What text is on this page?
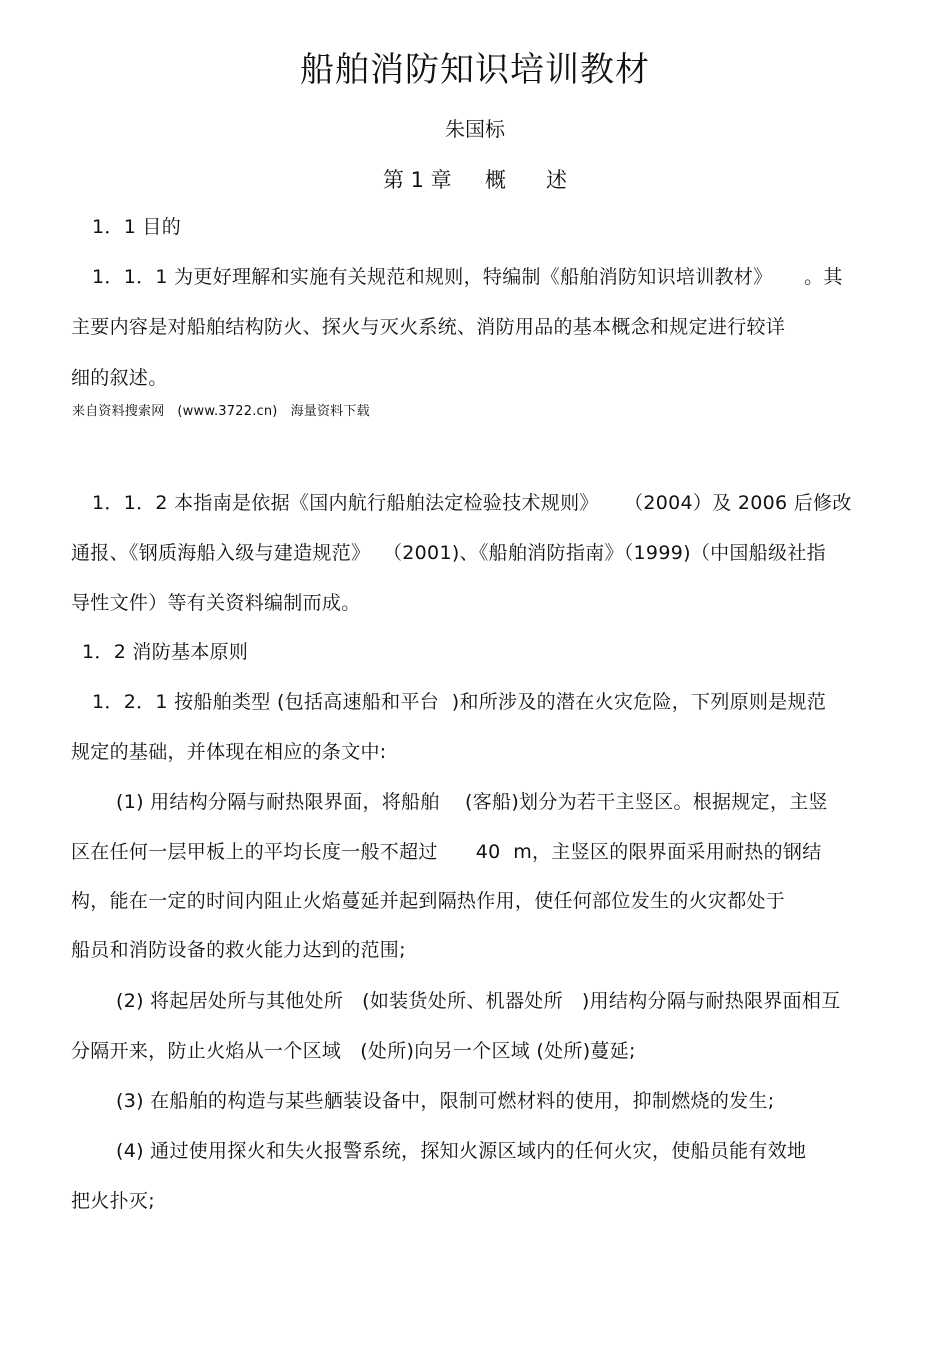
船舶消防知识培训教材
朱国标
第 1 章     概      述
1．1 目的
1．1．1 为更好理解和实施有关规范和规则，特编制《船舶消防知识培训教材》     。其
主要内容是对船舶结构防火、探火与灭火系统、消防用品的基本概念和规定进行较详
细的叙述。
来自资料搜索网   (www.3722.cn)   海量资料下载
1．1．2 本指南是依据《国内航行船舶法定检验技术规则》    （2004）及 2006 后修改
通报、《钢质海船入级与建造规范》  （2001)、《船舶消防指南》（1999)（中国船级社指
导性文件）等有关资料编制而成。
1．2 消防基本原则
1．2．1 按船舶类型 (包括高速船和平台  )和所涉及的潜在火灾危险，下列原则是规范
规定的基础，并体现在相应的条文中:
(1) 用结构分隔与耐热限界面，将船舶    (客船)划分为若干主竖区。根据规定，主竖
区在任何一层甲板上的平均长度一般不超过      40  m，主竖区的限界面采用耐热的钢结
构，能在一定的时间内阻止火焰蔓延并起到隔热作用，使任何部位发生的火灾都处于
船员和消防设备的救火能力达到的范围;
(2) 将起居处所与其他处所   (如装货处所、机器处所   )用结构分隔与耐热限界面相互
分隔开来，防止火焰从一个区域   (处所)向另一个区域 (处所)蔓延;
(3) 在船舶的构造与某些舾装设备中，限制可燃材料的使用，抑制燃烧的发生;
(4) 通过使用探火和失火报警系统，探知火源区域内的任何火灾，使船员能有效地
把火扑灭;
